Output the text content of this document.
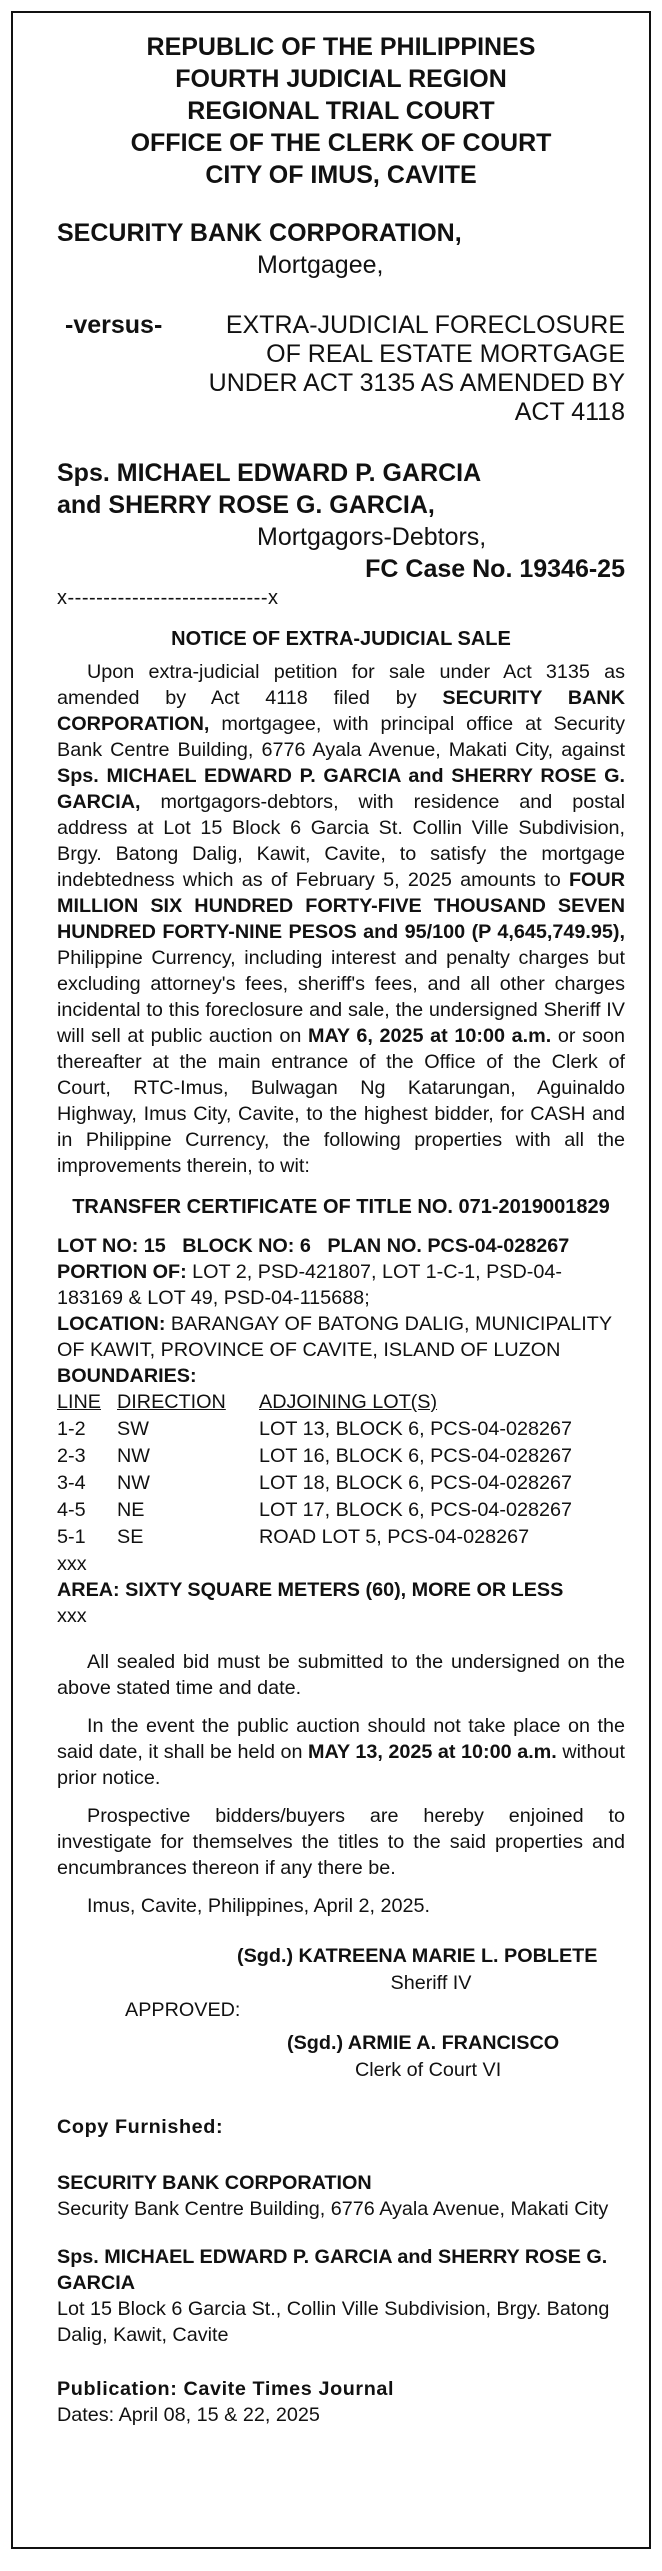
REPUBLIC OF THE PHILIPPINES
FOURTH JUDICIAL REGION
REGIONAL TRIAL COURT
OFFICE OF THE CLERK OF COURT
CITY OF IMUS, CAVITE
SECURITY BANK CORPORATION,
Mortgagee,
-versus-	EXTRA-JUDICIAL FORECLOSURE OF REAL ESTATE MORTGAGE UNDER ACT 3135 AS AMENDED BY ACT 4118
Sps. MICHAEL EDWARD P. GARCIA
and SHERRY ROSE G. GARCIA,
Mortgagors-Debtors,
FC Case No. 19346-25
x----------------------------x
NOTICE OF EXTRA-JUDICIAL SALE

Upon extra-judicial petition for sale under Act 3135 as amended by Act 4118 filed by SECURITY BANK CORPORATION, mortgagee, with principal office at Security Bank Centre Building, 6776 Ayala Avenue, Makati City, against Sps. MICHAEL EDWARD P. GARCIA and SHERRY ROSE G. GARCIA, mortgagors-debtors, with residence and postal address at Lot 15 Block 6 Garcia St. Collin Ville Subdivision, Brgy. Batong Dalig, Kawit, Cavite, to satisfy the mortgage indebtedness which as of February 5, 2025 amounts to FOUR MILLION SIX HUNDRED FORTY-FIVE THOUSAND SEVEN HUNDRED FORTY-NINE PESOS and 95/100 (P 4,645,749.95), Philippine Currency, including interest and penalty charges but excluding attorney's fees, sheriff's fees, and all other charges incidental to this foreclosure and sale, the undersigned Sheriff IV will sell at public auction on MAY 6, 2025 at 10:00 a.m. or soon thereafter at the main entrance of the Office of the Clerk of Court, RTC-Imus, Bulwagan Ng Katarungan, Aguinaldo Highway, Imus City, Cavite, to the highest bidder, for CASH and in Philippine Currency, the following properties with all the improvements therein, to wit:

TRANSFER CERTIFICATE OF TITLE NO. 071-2019001829
LOT NO: 15   BLOCK NO: 6   PLAN NO. PCS-04-028267
PORTION OF: LOT 2, PSD-421807, LOT 1-C-1, PSD-04-183169 & LOT 49, PSD-04-115688;
LOCATION: BARANGAY OF BATONG DALIG, MUNICIPALITY OF KAWIT, PROVINCE OF CAVITE, ISLAND OF LUZON
BOUNDARIES:
LINE	DIRECTION	ADJOINING LOT(S)
1-2	SW	LOT 13, BLOCK 6, PCS-04-028267
2-3	NW	LOT 16, BLOCK 6, PCS-04-028267
3-4	NW	LOT 18, BLOCK 6, PCS-04-028267
4-5	NE	LOT 17, BLOCK 6, PCS-04-028267
5-1	SE	ROAD LOT 5, PCS-04-028267
xxx
AREA: SIXTY SQUARE METERS (60), MORE OR LESS
xxx

All sealed bid must be submitted to the undersigned on the above stated time and date.

In the event the public auction should not take place on the said date, it shall be held on MAY 13, 2025 at 10:00 a.m. without prior notice.

Prospective bidders/buyers are hereby enjoined to investigate for themselves the titles to the said properties and encumbrances thereon if any there be.

Imus, Cavite, Philippines, April 2, 2025.

(Sgd.) KATREENA MARIE L. POBLETE
Sheriff IV
APPROVED:
(Sgd.) ARMIE A. FRANCISCO
Clerk of Court VI
Copy Furnished:
SECURITY BANK CORPORATION
Security Bank Centre Building, 6776 Ayala Avenue, Makati City
Sps. MICHAEL EDWARD P. GARCIA and SHERRY ROSE G. GARCIA
Lot 15 Block 6 Garcia St., Collin Ville Subdivision, Brgy. Batong Dalig, Kawit, Cavite
Publication: Cavite Times Journal
Dates: April 08, 15 & 22, 2025
